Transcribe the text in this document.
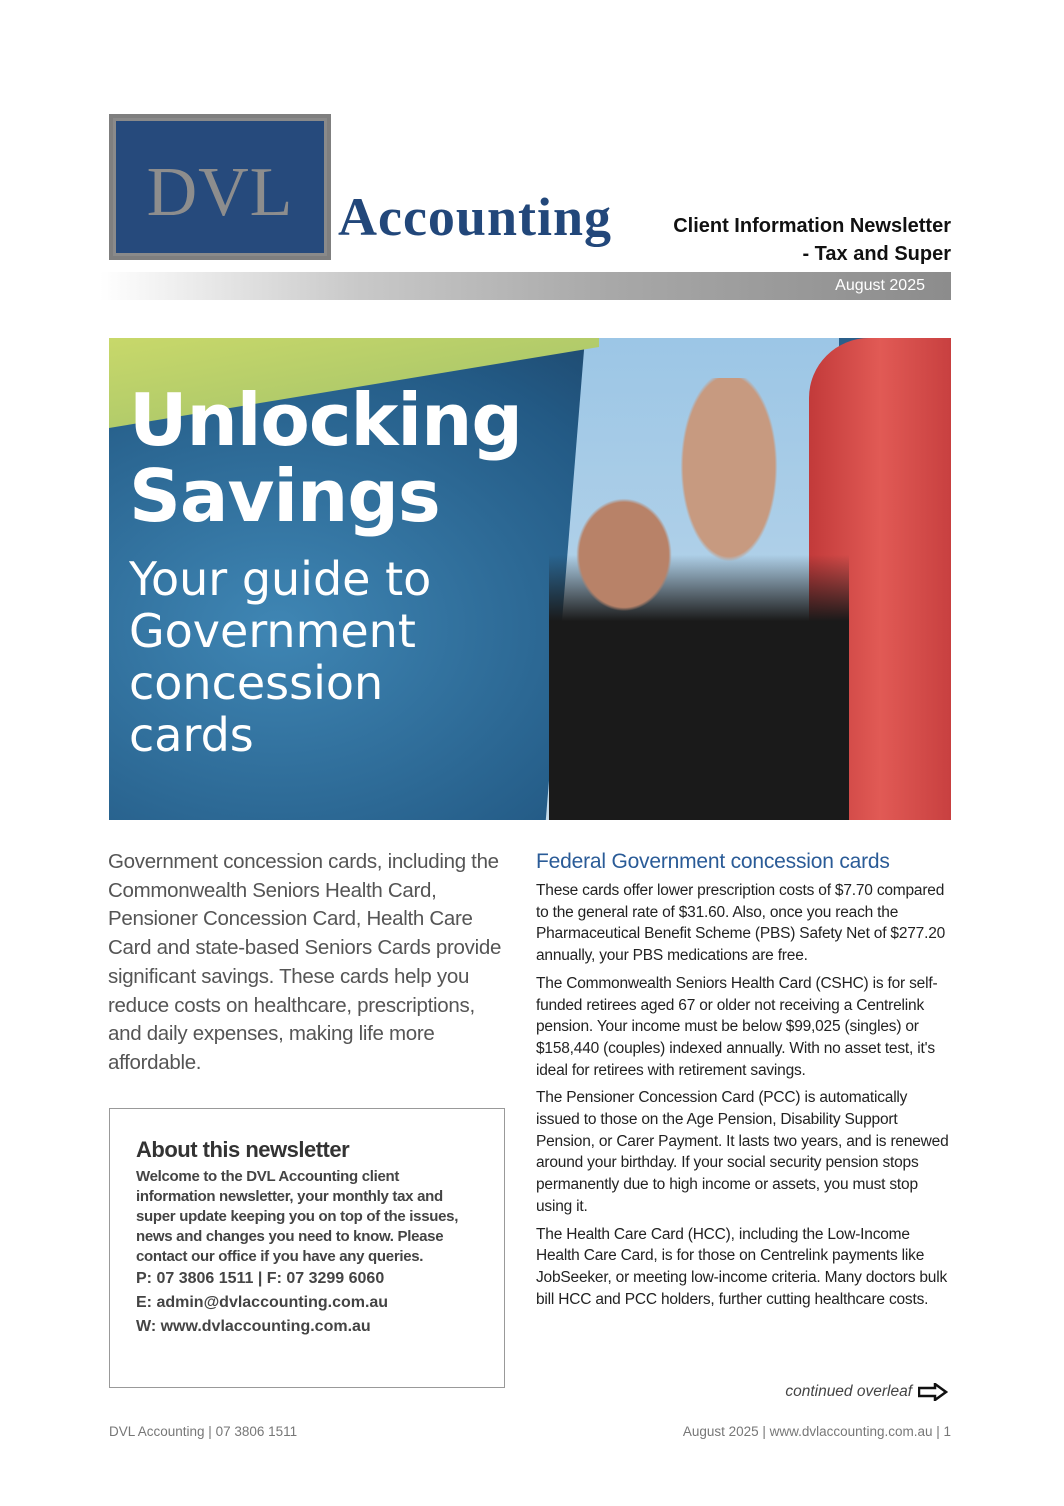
DVL Accounting	Client Information Newsletter
- Tax and Super
August 2025
Unlocking
Savings
Your guide to
Government
concession
cards
Government concession cards, including the Commonwealth Seniors Health Card, Pensioner Concession Card, Health Care Card and state-based Seniors Cards provide significant savings. These cards help you reduce costs on healthcare, prescriptions, and daily expenses, making life more affordable.
About this newsletter

Welcome to the DVL Accounting client information newsletter, your monthly tax and super update keeping you on top of the issues, news and changes you need to know. Please contact our office if you have any queries.

P: 07 3806 1511 | F: 07 3299 6060
E: admin@dvlaccounting.com.au
W: www.dvlaccounting.com.au
Federal Government concession cards

These cards offer lower prescription costs of $7.70 compared to the general rate of $31.60. Also, once you reach the Pharmaceutical Benefit Scheme (PBS) Safety Net of $277.20 annually, your PBS medications are free.

The Commonwealth Seniors Health Card (CSHC) is for self-funded retirees aged 67 or older not receiving a Centrelink pension. Your income must be below $99,025 (singles) or $158,440 (couples) indexed annually. With no asset test, it's ideal for retirees with retirement savings.

The Pensioner Concession Card (PCC) is automatically issued to those on the Age Pension, Disability Support Pension, or Carer Payment. It lasts two years, and is renewed around your birthday. If your social security pension stops permanently due to high income or assets, you must stop using it.

The Health Care Card (HCC), including the Low-Income Health Care Card, is for those on Centrelink payments like JobSeeker, or meeting low-income criteria. Many doctors bulk bill HCC and PCC holders, further cutting healthcare costs.

continued overleaf
DVL Accounting | 07 3806 1511	August 2025 | www.dvlaccounting.com.au | 1
